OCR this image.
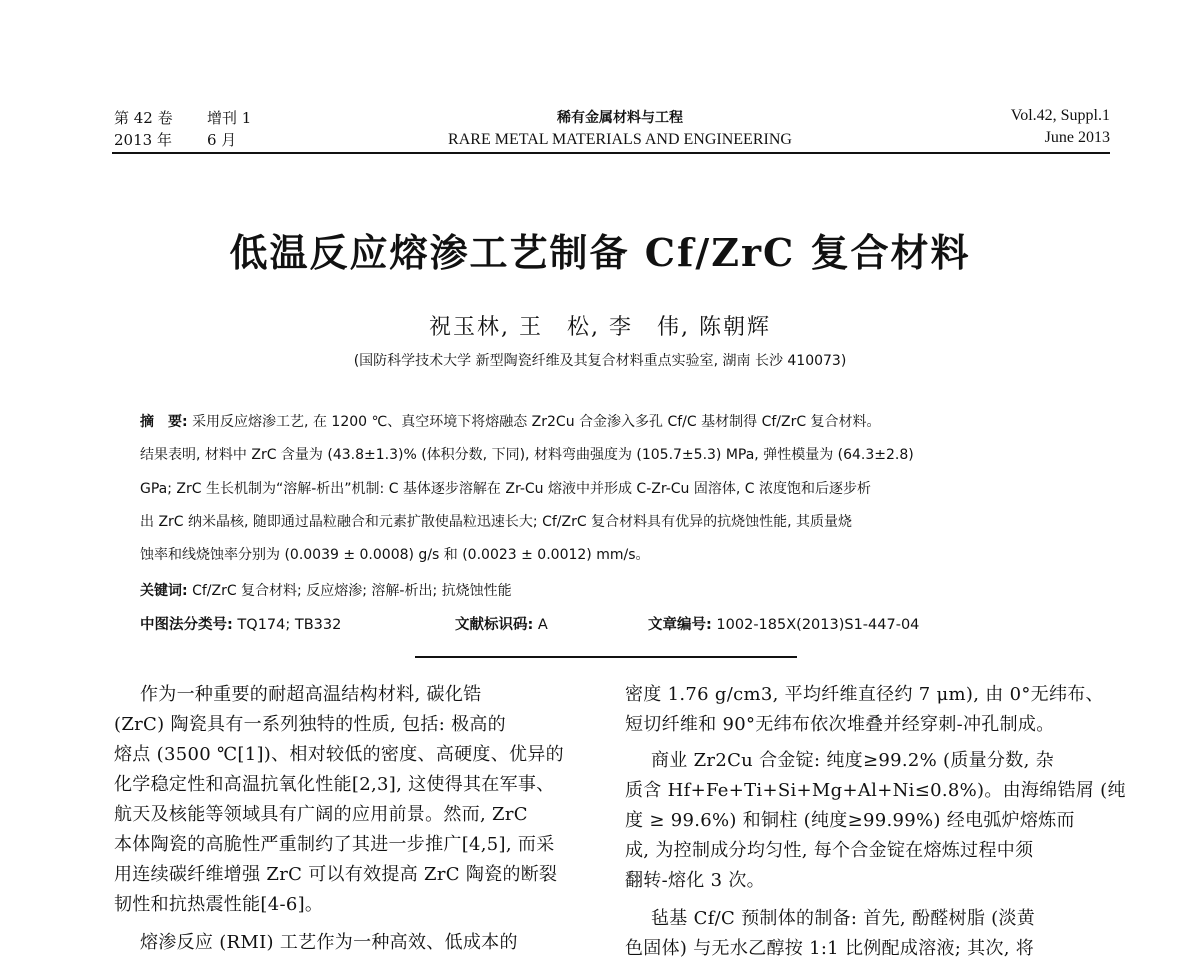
第 42 卷
2013 年
增刊 1
6 月
稀有金属材料与工程
RARE METAL MATERIALS AND ENGINEERING
Vol.42, Suppl.1
June 2013
低温反应熔渗工艺制备 Cf/ZrC 复合材料
祝玉林, 王　松, 李　伟, 陈朝辉
(国防科学技术大学 新型陶瓷纤维及其复合材料重点实验室, 湖南 长沙 410073)
摘　要: 采用反应熔渗工艺, 在 1200 ℃、真空环境下将熔融态 Zr2Cu 合金渗入多孔 Cf/C 基材制得 Cf/ZrC 复合材料。
结果表明, 材料中 ZrC 含量为 (43.8±1.3)% (体积分数, 下同), 材料弯曲强度为 (105.7±5.3) MPa, 弹性模量为 (64.3±2.8)
GPa; ZrC 生长机制为“溶解-析出”机制: C 基体逐步溶解在 Zr-Cu 熔液中并形成 C-Zr-Cu 固溶体, C 浓度饱和后逐步析
出 ZrC 纳米晶核, 随即通过晶粒融合和元素扩散使晶粒迅速长大; Cf/ZrC 复合材料具有优异的抗烧蚀性能, 其质量烧
蚀率和线烧蚀率分别为 (0.0039 ± 0.0008) g/s 和 (0.0023 ± 0.0012) mm/s。
关键词: Cf/ZrC 复合材料; 反应熔渗; 溶解-析出; 抗烧蚀性能
中图法分类号: TQ174; TB332	文献标识码: A	文章编号: 1002-185X(2013)S1-447-04
作为一种重要的耐超高温结构材料, 碳化锆
(ZrC) 陶瓷具有一系列独特的性质, 包括: 极高的
熔点 (3500 ℃[1])、相对较低的密度、高硬度、优异的
化学稳定性和高温抗氧化性能[2,3], 这使得其在军事、
航天及核能等领域具有广阔的应用前景。然而, ZrC
本体陶瓷的高脆性严重制约了其进一步推广[4,5], 而采
用连续碳纤维增强 ZrC 可以有效提高 ZrC 陶瓷的断裂
韧性和抗热震性能[4-6]。
熔渗反应 (RMI) 工艺作为一种高效、低成本的
密度 1.76 g/cm3, 平均纤维直径约 7 μm), 由 0°无纬布、
短切纤维和 90°无纬布依次堆叠并经穿刺-冲孔制成。
商业 Zr2Cu 合金锭: 纯度≥99.2% (质量分数, 杂
质含 Hf+Fe+Ti+Si+Mg+Al+Ni≤0.8%)。由海绵锆屑 (纯
度 ≥ 99.6%) 和铜柱 (纯度≥99.99%) 经电弧炉熔炼而
成, 为控制成分均匀性, 每个合金锭在熔炼过程中须
翻转-熔化 3 次。
毡基 Cf/C 预制体的制备: 首先, 酚醛树脂 (淡黄
色固体) 与无水乙醇按 1:1 比例配成溶液; 其次, 将
